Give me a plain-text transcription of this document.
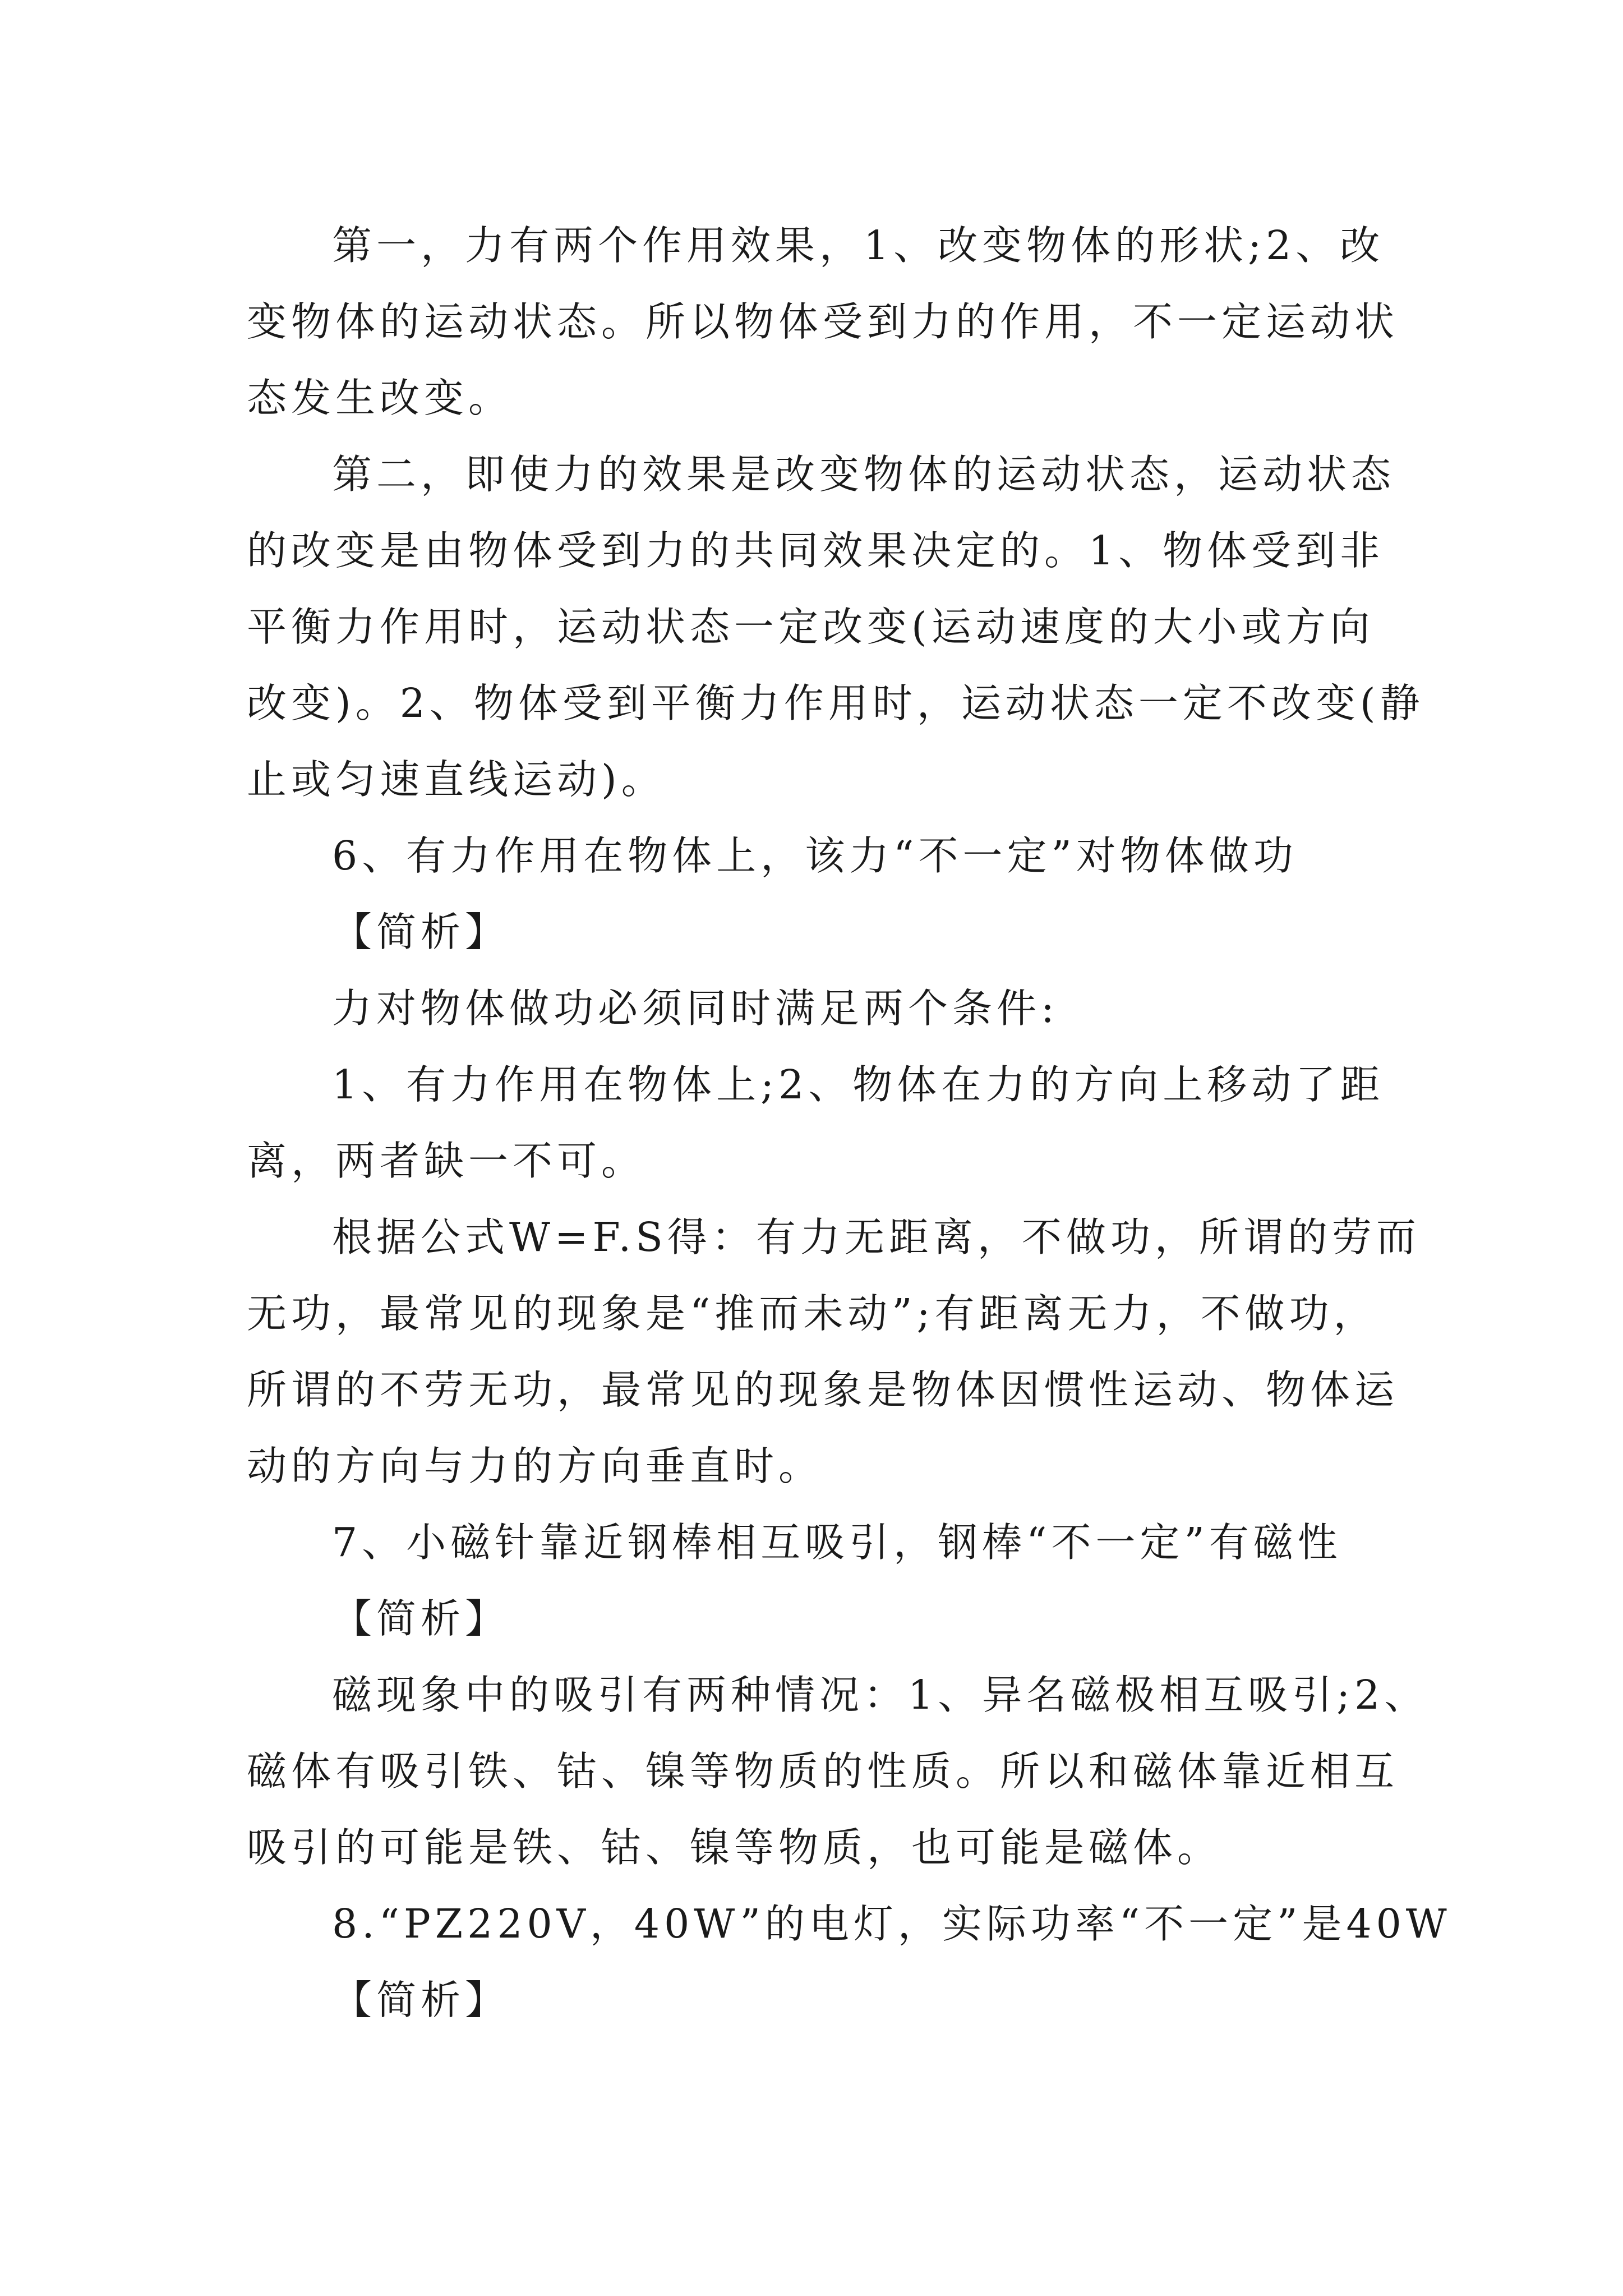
第一，力有两个作用效果，1、改变物体的形状;2、改
变物体的运动状态。所以物体受到力的作用，不一定运动状
态发生改变。
第二，即使力的效果是改变物体的运动状态，运动状态
的改变是由物体受到力的共同效果决定的。1、物体受到非
平衡力作用时，运动状态一定改变(运动速度的大小或方向
改变)。2、物体受到平衡力作用时，运动状态一定不改变(静
止或匀速直线运动)。
6、有力作用在物体上，该力“不一定”对物体做功
【简析】
力对物体做功必须同时满足两个条件:
1、有力作用在物体上;2、物体在力的方向上移动了距
离，两者缺一不可。
根据公式W=F.S得：有力无距离，不做功，所谓的劳而
无功，最常见的现象是“推而未动”;有距离无力，不做功，
所谓的不劳无功，最常见的现象是物体因惯性运动、物体运
动的方向与力的方向垂直时。
7、小磁针靠近钢棒相互吸引，钢棒“不一定”有磁性
【简析】
磁现象中的吸引有两种情况：1、异名磁极相互吸引;2、
磁体有吸引铁、钴、镍等物质的性质。所以和磁体靠近相互
吸引的可能是铁、钴、镍等物质，也可能是磁体。
8.“PZ220V，40W”的电灯，实际功率“不一定”是40W
【简析】
